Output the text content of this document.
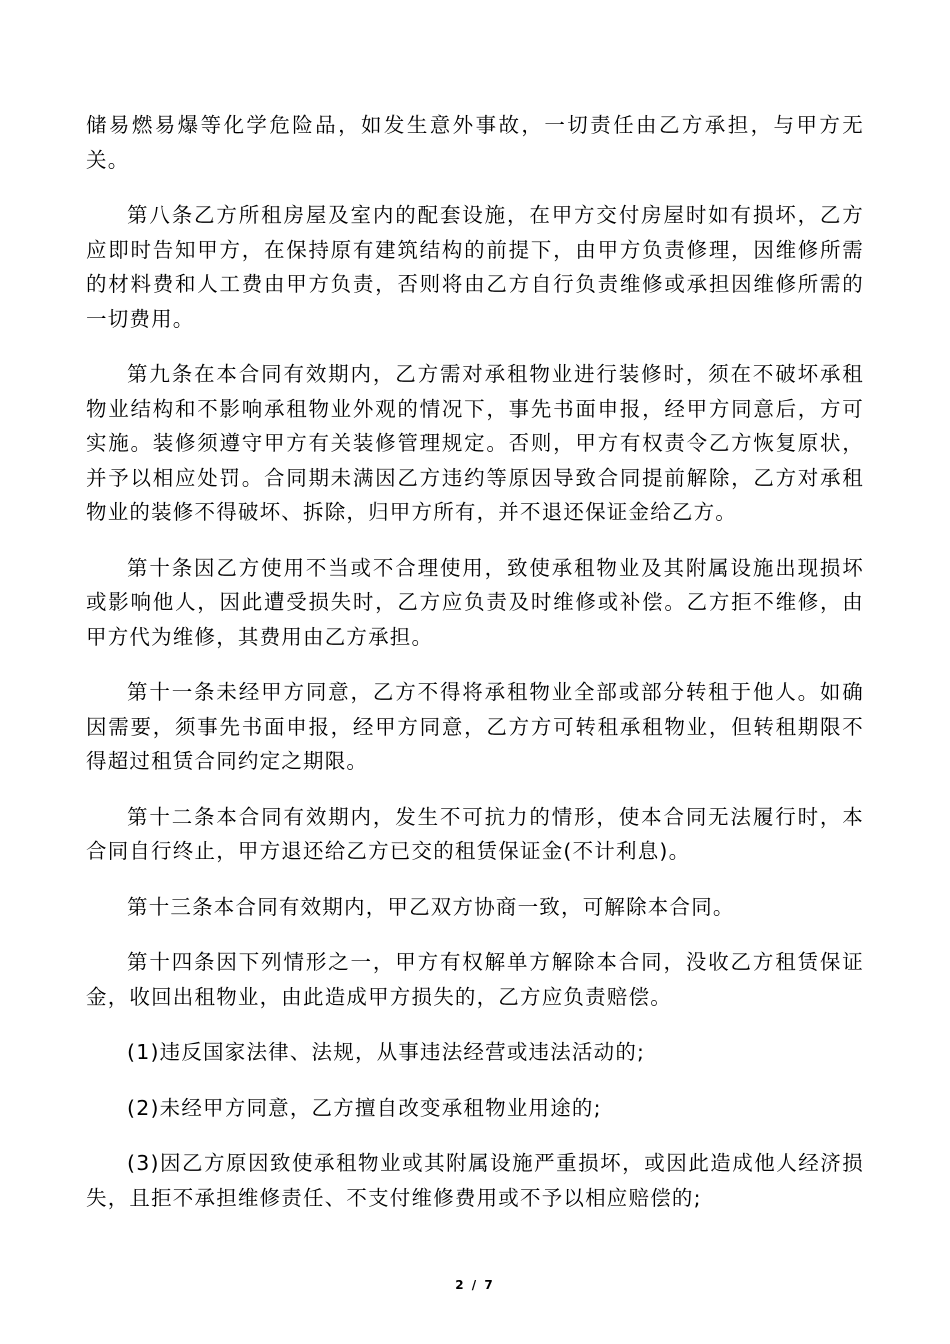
储易燃易爆等化学危险品，如发生意外事故，一切责任由乙方承担，与甲方无关。

第八条乙方所租房屋及室内的配套设施，在甲方交付房屋时如有损坏，乙方应即时告知甲方，在保持原有建筑结构的前提下，由甲方负责修理，因维修所需的材料费和人工费由甲方负责，否则将由乙方自行负责维修或承担因维修所需的一切费用。

第九条在本合同有效期内，乙方需对承租物业进行装修时，须在不破坏承租物业结构和不影响承租物业外观的情况下，事先书面申报，经甲方同意后，方可实施。装修须遵守甲方有关装修管理规定。否则，甲方有权责令乙方恢复原状，并予以相应处罚。合同期未满因乙方违约等原因导致合同提前解除，乙方对承租物业的装修不得破坏、拆除，归甲方所有，并不退还保证金给乙方。

第十条因乙方使用不当或不合理使用，致使承租物业及其附属设施出现损坏或影响他人，因此遭受损失时，乙方应负责及时维修或补偿。乙方拒不维修，由甲方代为维修，其费用由乙方承担。

第十一条未经甲方同意，乙方不得将承租物业全部或部分转租于他人。如确因需要，须事先书面申报，经甲方同意，乙方方可转租承租物业，但转租期限不得超过租赁合同约定之期限。

第十二条本合同有效期内，发生不可抗力的情形，使本合同无法履行时，本合同自行终止，甲方退还给乙方已交的租赁保证金(不计利息)。

第十三条本合同有效期内，甲乙双方协商一致，可解除本合同。

第十四条因下列情形之一，甲方有权解单方解除本合同，没收乙方租赁保证金，收回出租物业，由此造成甲方损失的，乙方应负责赔偿。

(1)违反国家法律、法规，从事违法经营或违法活动的;

(2)未经甲方同意，乙方擅自改变承租物业用途的;

(3)因乙方原因致使承租物业或其附属设施严重损坏，或因此造成他人经济损失，且拒不承担维修责任、不支付维修费用或不予以相应赔偿的;

2 / 7
